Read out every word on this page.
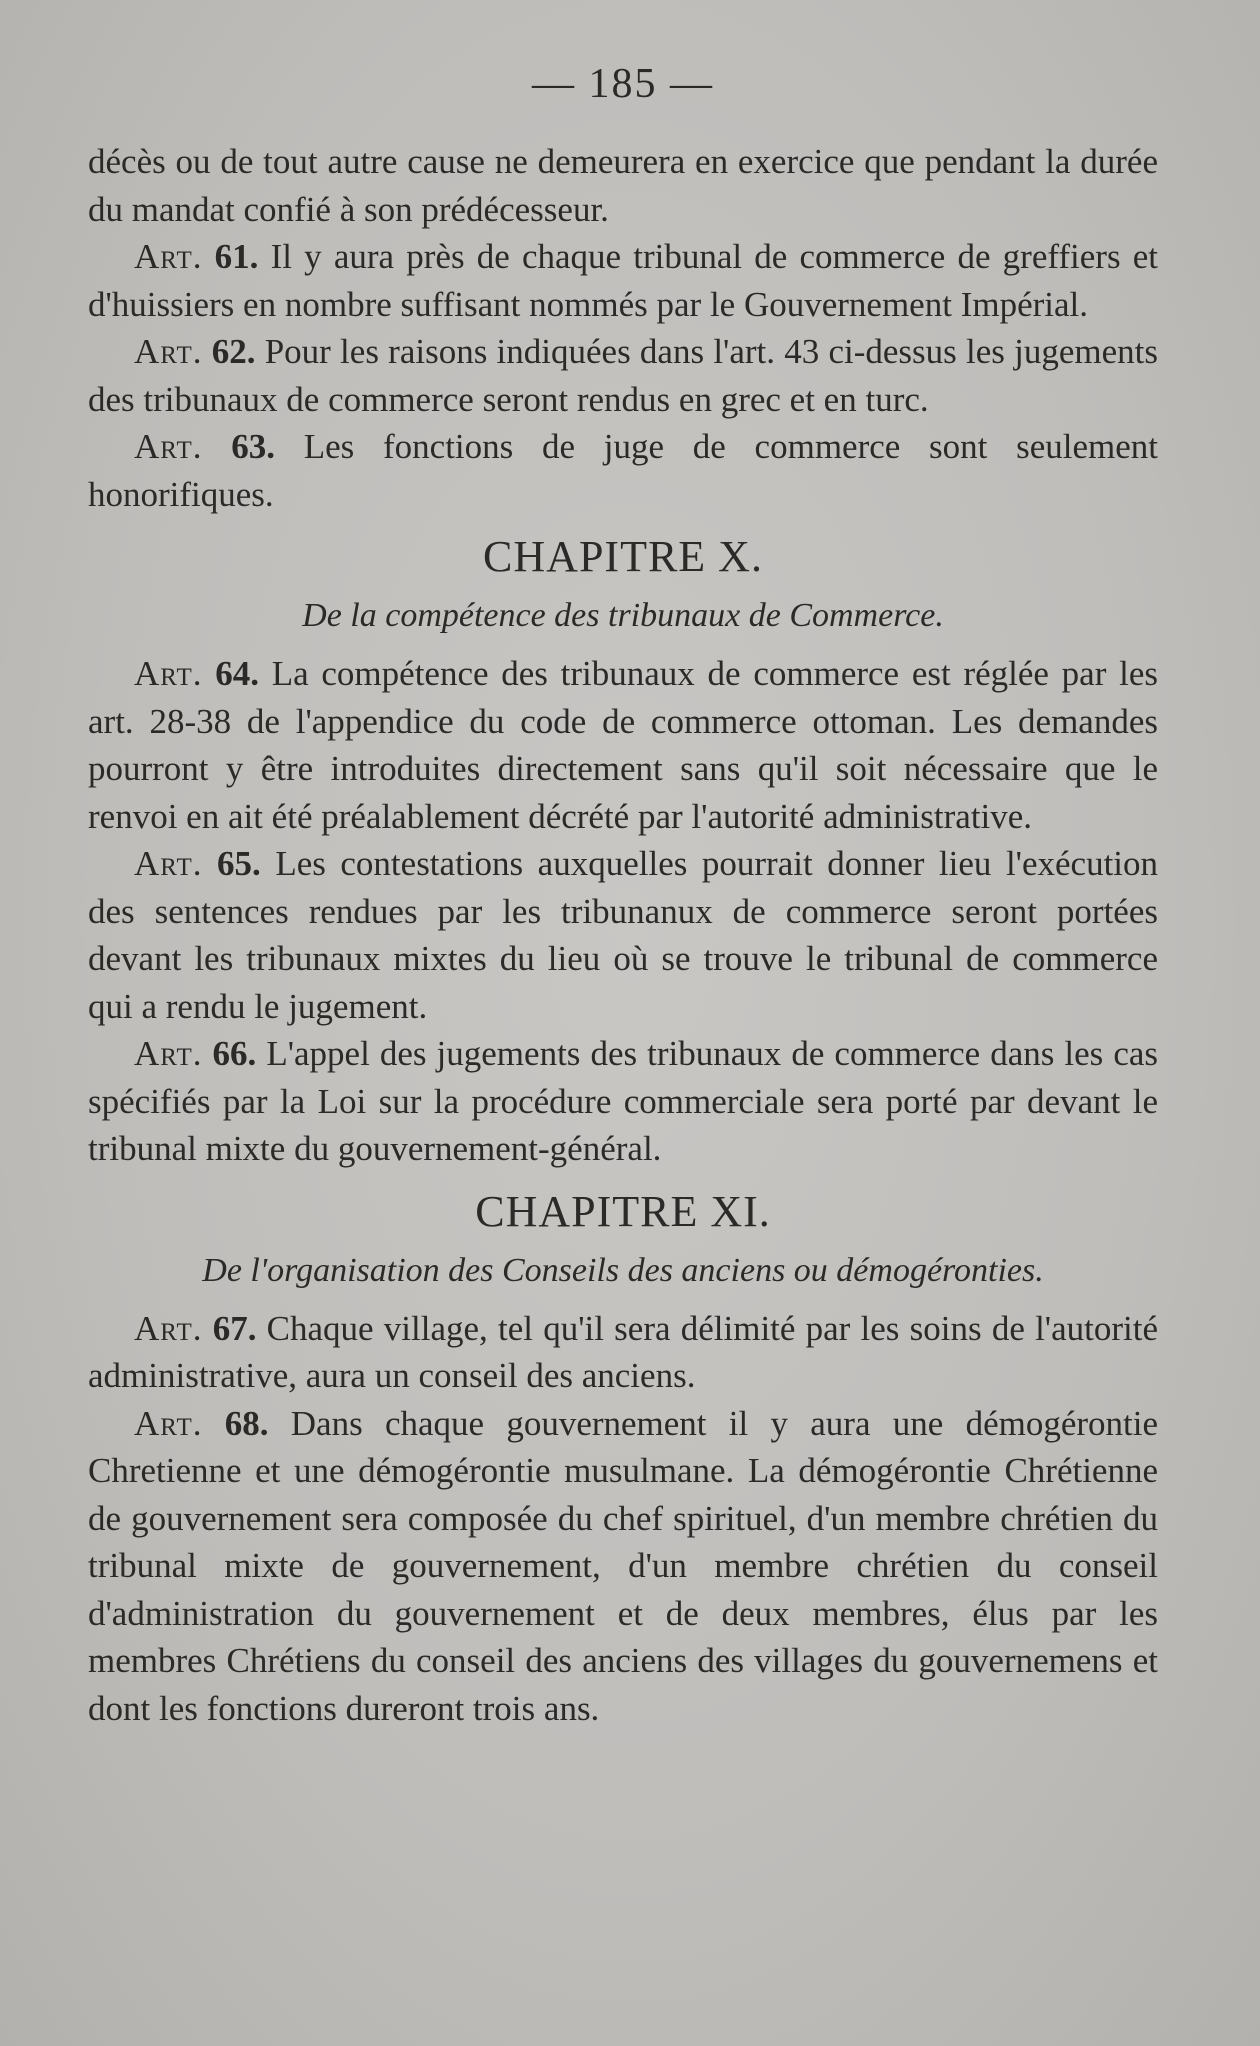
— 185 —

décès ou de tout autre cause ne demeurera en exercice que pendant la durée du mandat confié à son prédécesseur.

Art. 61. Il y aura près de chaque tribunal de commerce de greffiers et d'huissiers en nombre suffisant nommés par le Gouvernement Impérial.

Art. 62. Pour les raisons indiquées dans l'art. 43 ci-dessus les jugements des tribunaux de commerce seront rendus en grec et en turc.

Art. 63. Les fonctions de juge de commerce sont seulement honorifiques.

CHAPITRE X.
De la compétence des tribunaux de Commerce.

Art. 64. La compétence des tribunaux de commerce est réglée par les art. 28-38 de l'appendice du code de commerce ottoman. Les demandes pourront y être introduites directement sans qu'il soit nécessaire que le renvoi en ait été préalablement décrété par l'autorité administrative.

Art. 65. Les contestations auxquelles pourrait donner lieu l'exécution des sentences rendues par les tribunanux de commerce seront portées devant les tribunaux mixtes du lieu où se trouve le tribunal de commerce qui a rendu le jugement.

Art. 66. L'appel des jugements des tribunaux de commerce dans les cas spécifiés par la Loi sur la procédure commerciale sera porté par devant le tribunal mixte du gouvernement-général.

CHAPITRE XI.
De l'organisation des Conseils des anciens ou démogéronties.

Art. 67. Chaque village, tel qu'il sera délimité par les soins de l'autorité administrative, aura un conseil des anciens.

Art. 68. Dans chaque gouvernement il y aura une démogérontie Chretienne et une démogérontie musulmane. La démogérontie Chrétienne de gouvernement sera composée du chef spirituel, d'un membre chrétien du tribunal mixte de gouvernement, d'un membre chrétien du conseil d'administration du gouvernement et de deux membres, élus par les membres Chrétiens du conseil des anciens des villages du gouvernemens et dont les fonctions dureront trois ans.
